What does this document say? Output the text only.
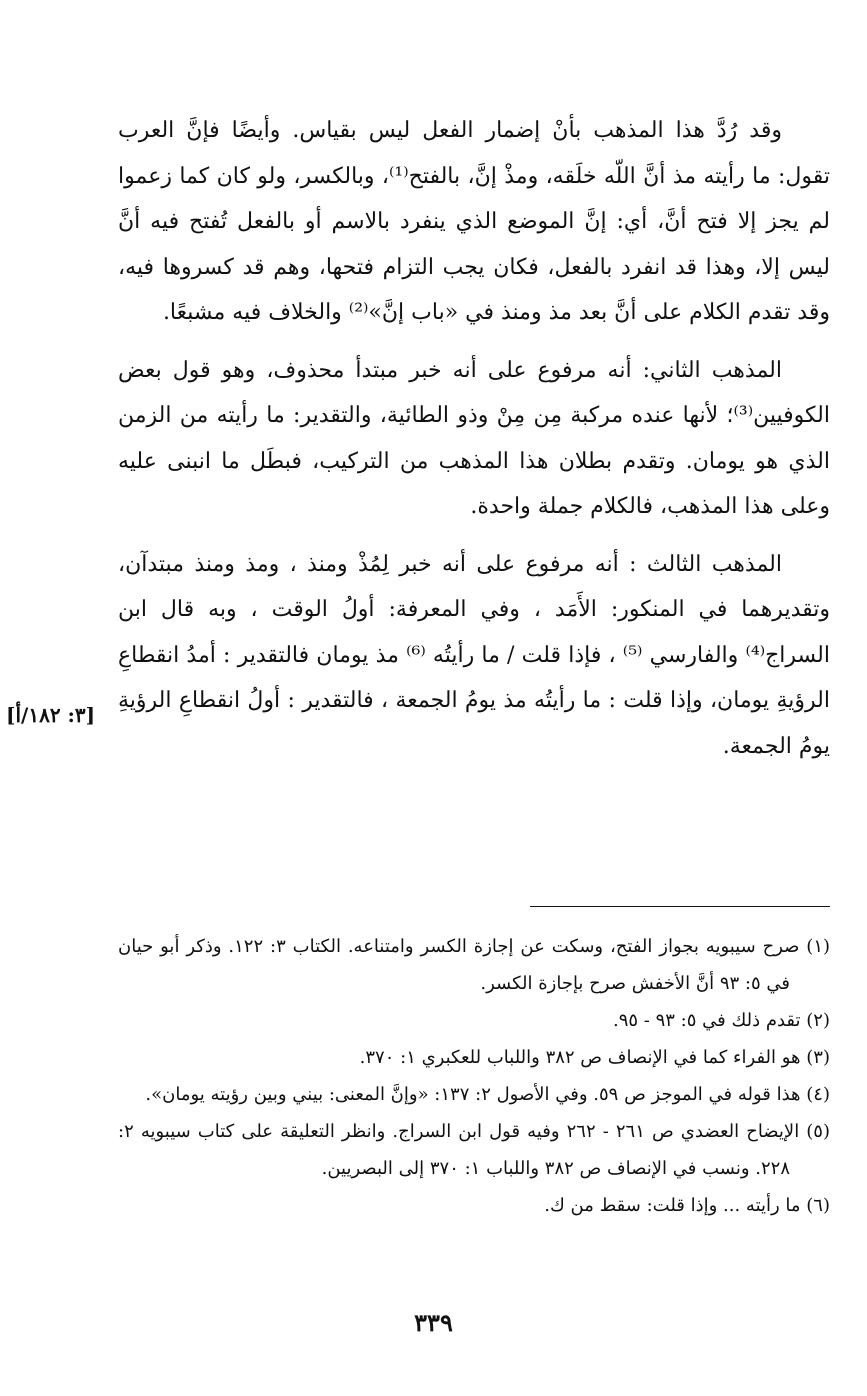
وقد رُدَّ هذا المذهب بأنْ إضمار الفعل ليس بقياس. وأيضًا فإنَّ العرب تقول: ما رأيته مذ أنَّ اللّه خلَقه، ومذْ إنَّ، بالفتح⁽¹⁾، وبالكسر، ولو كان كما زعموا لم يجز إلا فتح أنَّ، أي: إنَّ الموضع الذي ينفرد بالاسم أو بالفعل تُفتح فيه أنَّ ليس إلا، وهذا قد انفرد بالفعل، فكان يجب التزام فتحها، وهم قد كسروها فيه، وقد تقدم الكلام على أنَّ بعد مذ ومنذ في «باب إنَّ»⁽²⁾ والخلاف فيه مشبعًا.

المذهب الثاني: أنه مرفوع على أنه خبر مبتدأ محذوف، وهو قول بعض الكوفيين⁽³⁾؛ لأنها عنده مركبة مِن مِنْ وذو الطائية، والتقدير: ما رأيته من الزمن الذي هو يومان. وتقدم بطلان هذا المذهب من التركيب، فبطَل ما انبنى عليه وعلى هذا المذهب، فالكلام جملة واحدة.

المذهب الثالث : أنه مرفوع على أنه خبر لِمُذْ ومنذ ، ومذ ومنذ مبتدآن، وتقديرهما في المنكور: الأَمَد ، وفي المعرفة: أولُ الوقت ، وبه قال ابن السراج⁽⁴⁾ والفارسي ⁽⁵⁾ ، فإذا قلت / ما رأيتُه ⁽⁶⁾ مذ يومان فالتقدير : أمدُ انقطاعِ الرؤيةِ يومان، وإذا قلت : ما رأيتُه مذ يومُ الجمعة ، فالتقدير : أولُ انقطاعِ الرؤيةِ يومُ الجمعة.

[٣: ١٨٢/أ]

(١) صرح سيبويه بجواز الفتح، وسكت عن إجازة الكسر وامتناعه. الكتاب ٣: ١٢٢. وذكر أبو حيان في ٥: ٩٣ أنَّ الأخفش صرح بإجازة الكسر.

(٢) تقدم ذلك في ٥: ٩٣ - ٩٥.

(٣) هو الفراء كما في الإنصاف ص ٣٨٢ واللباب للعكبري ١: ٣٧٠.

(٤) هذا قوله في الموجز ص ٥٩. وفي الأصول ٢: ١٣٧: «وإنَّ المعنى: بيني وبين رؤيته يومان».

(٥) الإيضاح العضدي ص ٢٦١ - ٢٦٢ وفيه قول ابن السراج. وانظر التعليقة على كتاب سيبويه ٢: ٢٢٨. ونسب في الإنصاف ص ٣٨٢ واللباب ١: ٣٧٠ إلى البصريين.

(٦) ما رأيته ... وإذا قلت: سقط من ك.

٣٣٩
